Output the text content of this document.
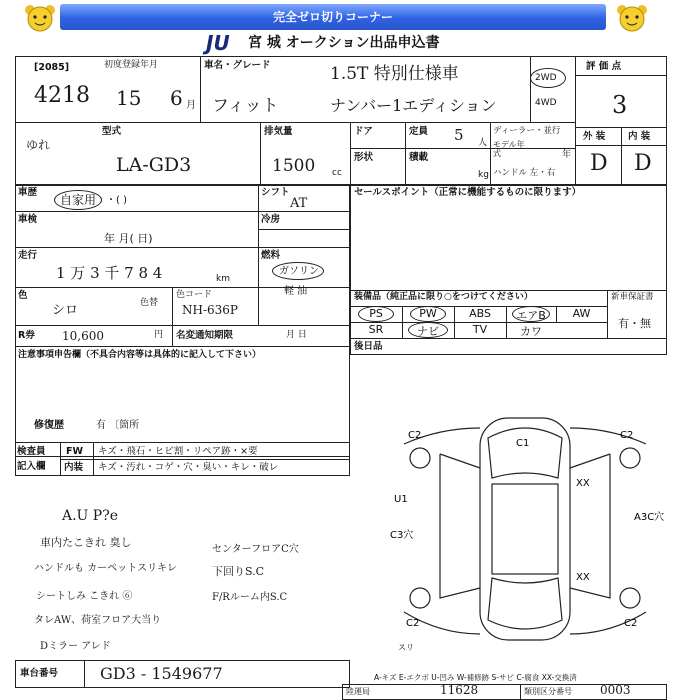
完全ゼロ切りコーナー
JU 宮 城 オークション出品申込書
[2085]	初度登録年月
4218 15 6 月
車名・グレード	1.5T 特別仕様車
フィット	ナンバー1エディション
2WD
4WD
評 価 点
3
型式
ゆれ
LA-GD3
排気量
1500 cc
ドア	定員 5 人
ディーラー・並行
モデル年式	年
ハンドル 左・右
形状	積載
kg
外 装 内 装
D D
車歴
自家用 ・( )
シフト
AT
車検
年 月( 日)
冷房
走行
1 万 3 千 7 8 4	km
燃料
ガソリン
軽 油
色
シロ	色替
色コード
NH-636P
R券 10,600	円 名変通知期限	月 日
注意事項申告欄（不具合内容等は具体的に記入して下さい）
修復歴	有 〔箇所
セールスポイント（正常に機能するものに限ります）
装備品（純正品に限り○をつけてください）	新車保証書
有・無
後日品
PS	PW	ABS	エアB	AW
SR	ナビ	TV	カワ
検査員
記入欄
FW キズ・飛石・ヒビ割・リペア跡・×要
内装 キズ・汚れ・コゲ・穴・臭い・キレ・破レ
A.U P?e
車内たこきれ 臭し
ハンドルも カーペットスリキレ
シートしみ こきれ ⑥
タレAW、荷室フロア大当り
Dミラー アレド
センターフロアC穴
下回りS.C
F/Rルーム内S.C
C2	C2
C1
C2	C2
U1
C3穴
A3C穴
XX
XX
スリ
A-キズ E-エクボ U-凹み W-補修跡 S-サビ C-腐食 XX-交換済
車台番号	GD3 - 1549677
陸運局	11628	類別区分番号 0003
